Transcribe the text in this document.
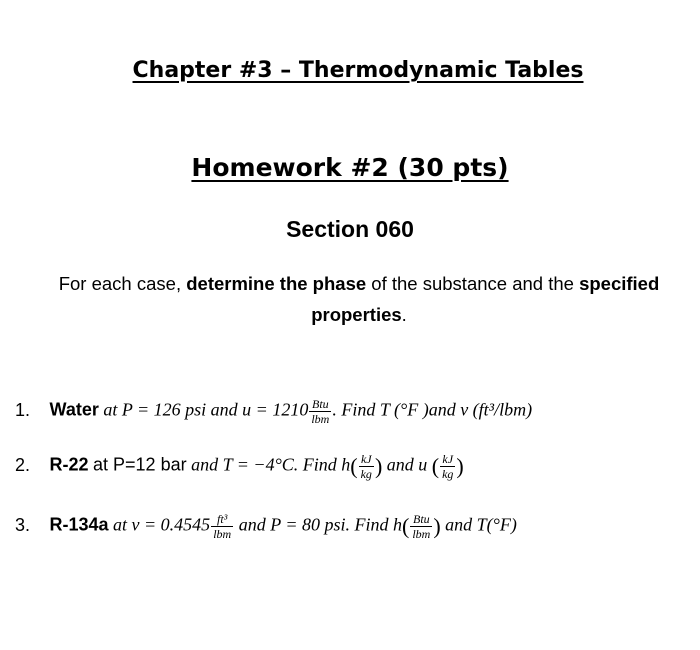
Chapter #3 – Thermodynamic Tables
Homework #2 (30 pts)
Section 060
For each case, determine the phase of the substance and the specified properties.
1. Water at P = 126 psi and $u = 1210 \frac{\text{Btu}}{\text{lbm}}$ . Find T (°F )and v (ft³/lbm)
2. R-22 at P=12 bar and T = −4°C. Find $h( \frac{kJ}{kg}$ ) and u ( $\frac{kJ}{kg}$ )
3. R-134a at $v = 0.4545 \frac{\text{ft³}}{\text{lbm}}$ and P = 80 psi. Find $h( \frac{\text{Btu}}{\text{lbm}}$ ) and T(°F)
